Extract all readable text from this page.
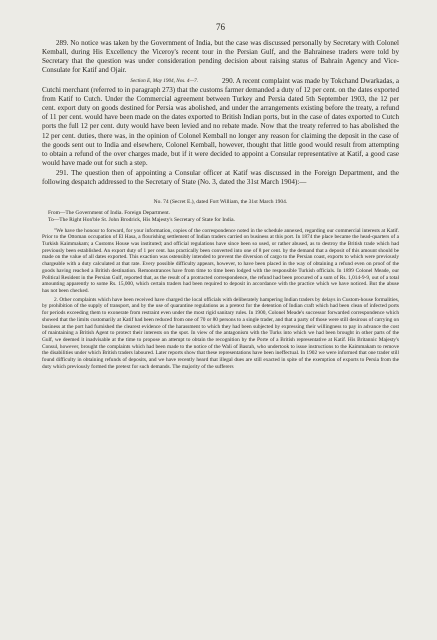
76

289. No notice was taken by the Government of India, but the case was discussed personally by Secretary with Colonel Kemball, during His Excellency the Viceroy's recent tour in the Persian Gulf, and the Bahrainese traders were told by Secretary that the question was under consideration pending decision about raising status of Bahrain Agency and Vice-Consulate for Katif and Ojair.

Section E, May 1904, Nos. 4—7.	290. A recent complaint was made by Tokchand Dwarkadas, a Cutchi merchant (referred to in paragraph 273) that the customs farmer demanded a duty of 12 per cent. on the dates exported from Katif to Cutch. Under the Commercial agreement between Turkey and Persia dated 5th September 1903, the 12 per cent. export duty on goods destined for Persia was abolished, and under the arrangements existing before the treaty, a refund of 11 per cent. would have been made on the dates exported to British Indian ports, but in the case of dates exported to Cutch ports the full 12 per cent. duty would have been levied and no rebate made. Now that the treaty referred to has abolished the 12 per cent. duties, there was, in the opinion of Colonel Kemball no longer any reason for claiming the deposit in the case of the goods sent out to India and elsewhere, Colonel Kemball, however, thought that little good would result from attempting to obtain a refund of the over charges made, but if it were decided to appoint a Consular representative at Katif, a good case would have made out for such a step.

291. The question then of appointing a Consular officer at Katif was discussed in the Foreign Department, and the following despatch addressed to the Secretary of State (No. 3, dated the 31st March 1904):—

No. 74 (Secret E.), dated Fort William, the 31st March 1904.
From—The Government of India. Foreign Department.
To—The Right Hon'ble St. John Brodrick, His Majesty's Secretary of State for India.

"We have the honour to forward, for your information, copies of the correspondence noted in the schedule annexed, regarding our commercial interests at Katif. Prior to the Ottoman occupation of El Hasa, a flourishing settlement of Indian traders carried on business at this port. In 1874 the place became the head-quarters of a Turkish Kaimmakam; a Customs House was instituted; and official regulations have since been so used, or rather abused, as to destroy the British trade which had previously been established. An export duty of 1 per cent. has practically been converted into one of 8 per cent. by the demand that a deposit of this amount should be made on the value of all dates exported. This exaction was ostensibly intended to prevent the diversion of cargo to the Persian coast, exports to which were previously chargeable with a duty calculated at that rate. Every possible difficulty appears, however, to have been placed in the way of obtaining a refund even on proof of the goods having reached a British destination. Remonstrances have from time to time been lodged with the responsible Turkish officials. In 1899 Colonel Meade, our Political Resident in the Persian Gulf, reported that, as the result of a protracted correspondence, the refund had been procured of a sum of Rs. 1,014-9-9, out of a total amounting apparently to some Rs. 15,000, which certain traders had been required to deposit in accordance with the practice which we have noticed. But the abuse has not been checked.

2. Other complaints which have been received have charged the local officials with deliberately hampering Indian traders by delays in Custom-house formalities, by prohibition of the supply of transport, and by the use of quarantine regulations as a pretext for the detention of Indian craft which had been clean of infected ports for periods exceeding them to exonerate from restraint even under the most rigid sanitary rules. In 1900, Colonel Meade's successor forwarded correspondence which showed that the limits customarily at Katif had been reduced from one of 70 or 80 persons to a single trader, and that a party of those were still desirous of carrying on business at the port had furnished the clearest evidence of the harassment to which they had been subjected by expressing their willingness to pay in advance the cost of maintaining a British Agent to protect their interests on the spot. In view of the antagonism with the Turks into which we had been brought in other parts of the Gulf, we deemed it inadvisable at the time to propose an attempt to obtain the recognition by the Porte of a British representative at Katif. His Britannic Majesty's Consul, however, brought the complaints which had been made to the notice of the Wali of Basrah, who undertook to issue instructions to the Kaimmakam to remove the disabilities under which British traders laboured. Later reports show that these representations have been ineffectual. In 1902 we were informed that one trader still found difficulty in obtaining refunds of deposits, and we have recently heard that illegal dues are still exacted in spite of the exemption of exports to Persia from the duty which previously formed the pretext for such demands. The majority of the sufferers
